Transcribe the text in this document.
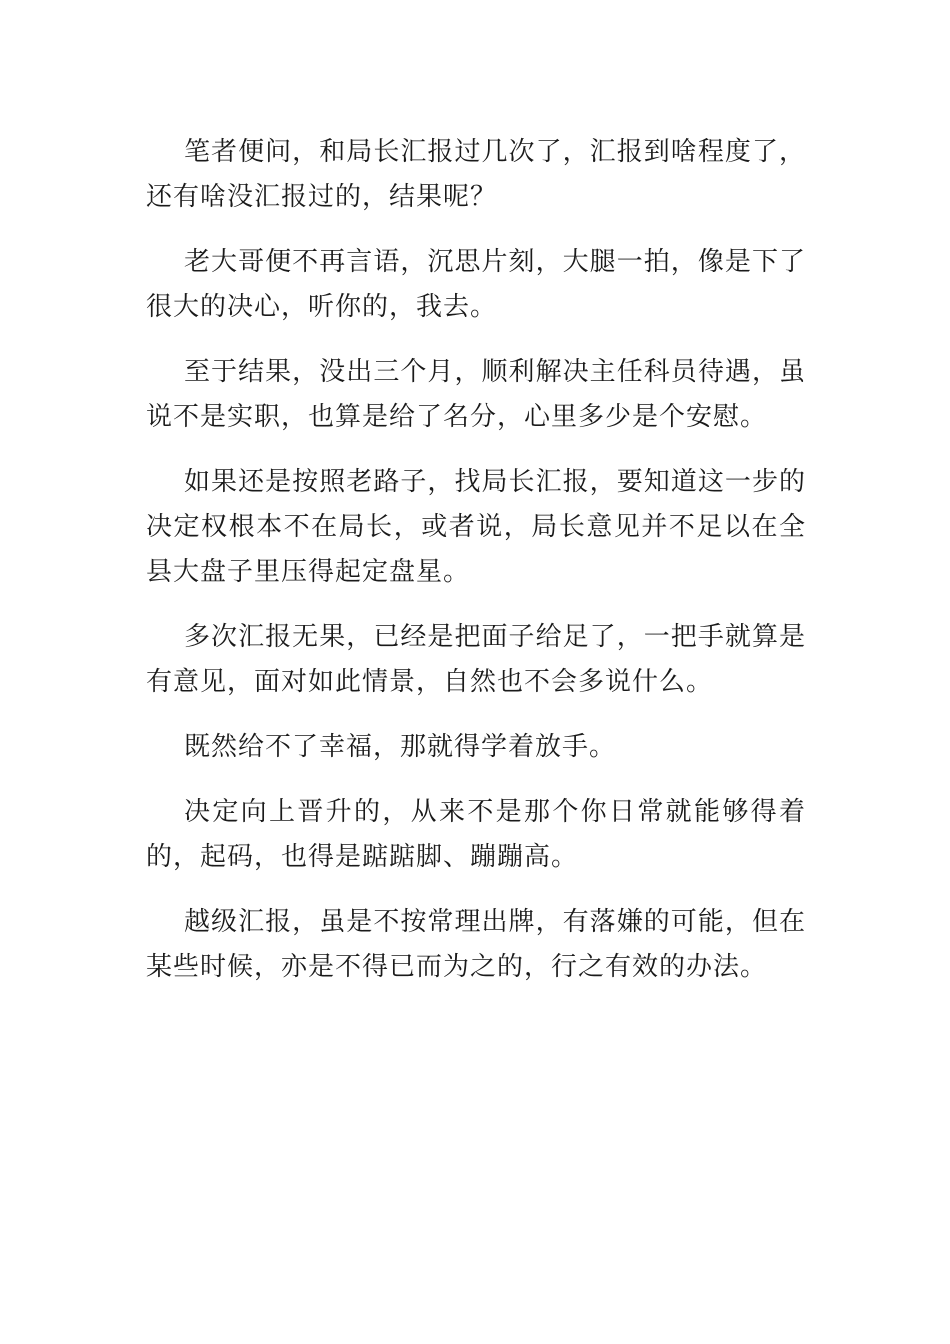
笔者便问，和局长汇报过几次了，汇报到啥程度了，还有啥没汇报过的，结果呢？

老大哥便不再言语，沉思片刻，大腿一拍，像是下了很大的决心，听你的，我去。

至于结果，没出三个月，顺利解决主任科员待遇，虽说不是实职，也算是给了名分，心里多少是个安慰。

如果还是按照老路子，找局长汇报，要知道这一步的决定权根本不在局长，或者说，局长意见并不足以在全县大盘子里压得起定盘星。

多次汇报无果，已经是把面子给足了，一把手就算是有意见，面对如此情景，自然也不会多说什么。

既然给不了幸福，那就得学着放手。

决定向上晋升的，从来不是那个你日常就能够得着的，起码，也得是踮踮脚、蹦蹦高。

越级汇报，虽是不按常理出牌，有落嫌的可能，但在某些时候，亦是不得已而为之的，行之有效的办法。
